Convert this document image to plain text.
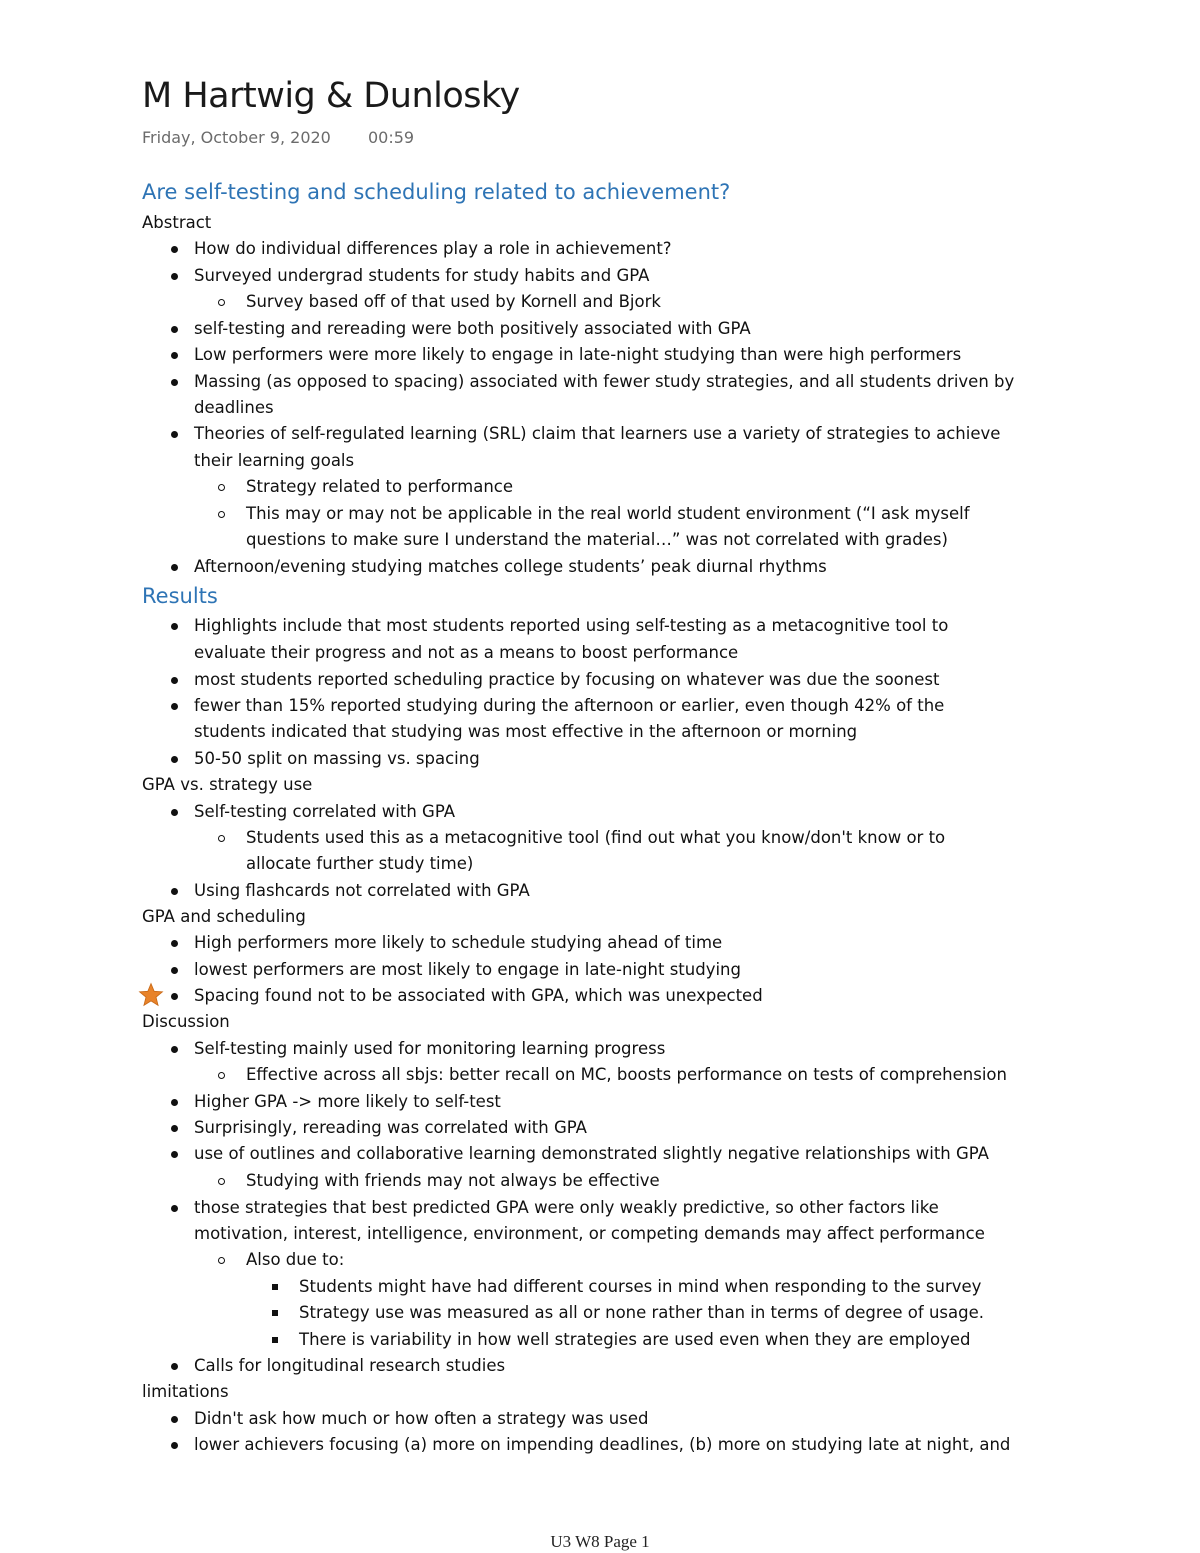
M Hartwig & Dunlosky
Friday, October 9, 2020 00:59
Are self-testing and scheduling related to achievement?
Abstract
How do individual differences play a role in achievement?
Surveyed undergrad students for study habits and GPA
Survey based off of that used by Kornell and Bjork
self-testing and rereading were both positively associated with GPA
Low performers were more likely to engage in late-night studying than were high performers
Massing (as opposed to spacing) associated with fewer study strategies, and all students driven by
deadlines
Theories of self-regulated learning (SRL) claim that learners use a variety of strategies to achieve
their learning goals
Strategy related to performance
This may or may not be applicable in the real world student environment (“I ask myself
questions to make sure I understand the material…” was not correlated with grades)
Afternoon/evening studying matches college students’ peak diurnal rhythms
Results
Highlights include that most students reported using self-testing as a metacognitive tool to
evaluate their progress and not as a means to boost performance
most students reported scheduling practice by focusing on whatever was due the soonest
fewer than 15% reported studying during the afternoon or earlier, even though 42% of the
students indicated that studying was most effective in the afternoon or morning
50-50 split on massing vs. spacing
GPA vs. strategy use
Self-testing correlated with GPA
Students used this as a metacognitive tool (find out what you know/don't know or to
allocate further study time)
Using flashcards not correlated with GPA
GPA and scheduling
High performers more likely to schedule studying ahead of time
lowest performers are most likely to engage in late-night studying
Spacing found not to be associated with GPA, which was unexpected
Discussion
Self-testing mainly used for monitoring learning progress
Effective across all sbjs: better recall on MC, boosts performance on tests of comprehension
Higher GPA -> more likely to self-test
Surprisingly, rereading was correlated with GPA
use of outlines and collaborative learning demonstrated slightly negative relationships with GPA
Studying with friends may not always be effective
those strategies that best predicted GPA were only weakly predictive, so other factors like
motivation, interest, intelligence, environment, or competing demands may affect performance
Also due to:
Students might have had different courses in mind when responding to the survey
Strategy use was measured as all or none rather than in terms of degree of usage.
There is variability in how well strategies are used even when they are employed
Calls for longitudinal research studies
limitations
Didn't ask how much or how often a strategy was used
lower achievers focusing (a) more on impending deadlines, (b) more on studying late at night, and
U3 W8 Page 1
